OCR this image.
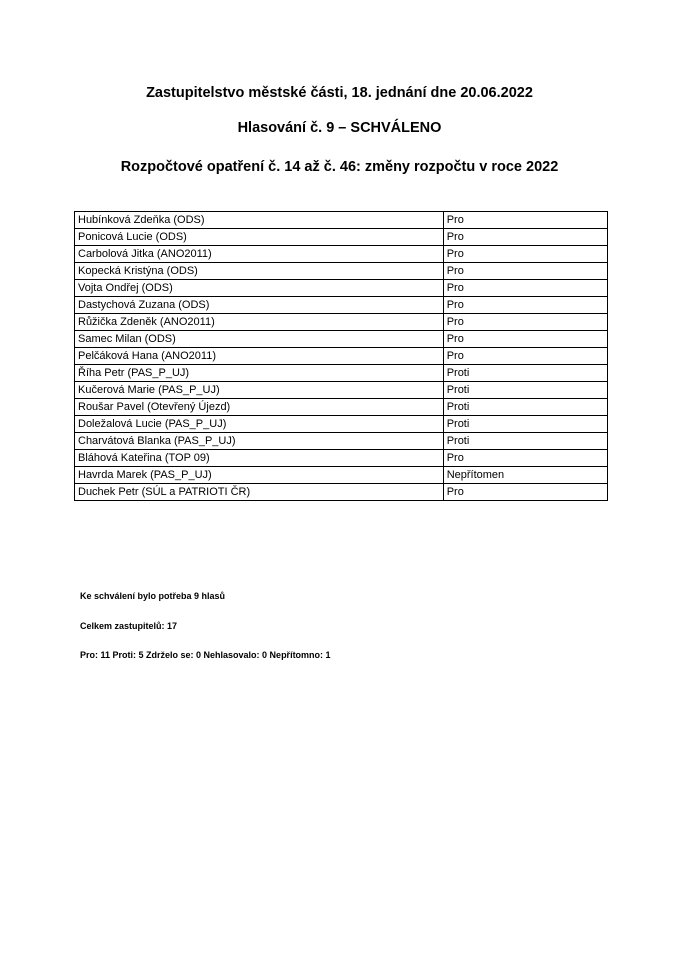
Zastupitelstvo městské části, 18. jednání dne 20.06.2022
Hlasování č. 9 – SCHVÁLENO
Rozpočtové opatření č. 14 až č. 46: změny rozpočtu v roce 2022
Hubínková Zdeňka (ODS)	Pro
Ponicová Lucie (ODS)	Pro
Carbolová Jitka (ANO2011)	Pro
Kopecká Kristýna (ODS)	Pro
Vojta Ondřej (ODS)	Pro
Dastychová Zuzana (ODS)	Pro
Růžička Zdeněk (ANO2011)	Pro
Samec Milan (ODS)	Pro
Pelčáková Hana (ANO2011)	Pro
Říha Petr (PAS_P_UJ)	Proti
Kučerová Marie (PAS_P_UJ)	Proti
Roušar Pavel (Otevřený Újezd)	Proti
Doležalová Lucie (PAS_P_UJ)	Proti
Charvátová Blanka (PAS_P_UJ)	Proti
Bláhová Kateřina (TOP 09)	Pro
Havrda Marek (PAS_P_UJ)	Nepřítomen
Duchek Petr (SÚL a PATRIOTI ČR)	Pro
Ke schválení bylo potřeba 9 hlasů
Celkem zastupitelů: 17
Pro: 11 Proti: 5 Zdrželo se: 0 Nehlasovalo: 0 Nepřítomno: 1
